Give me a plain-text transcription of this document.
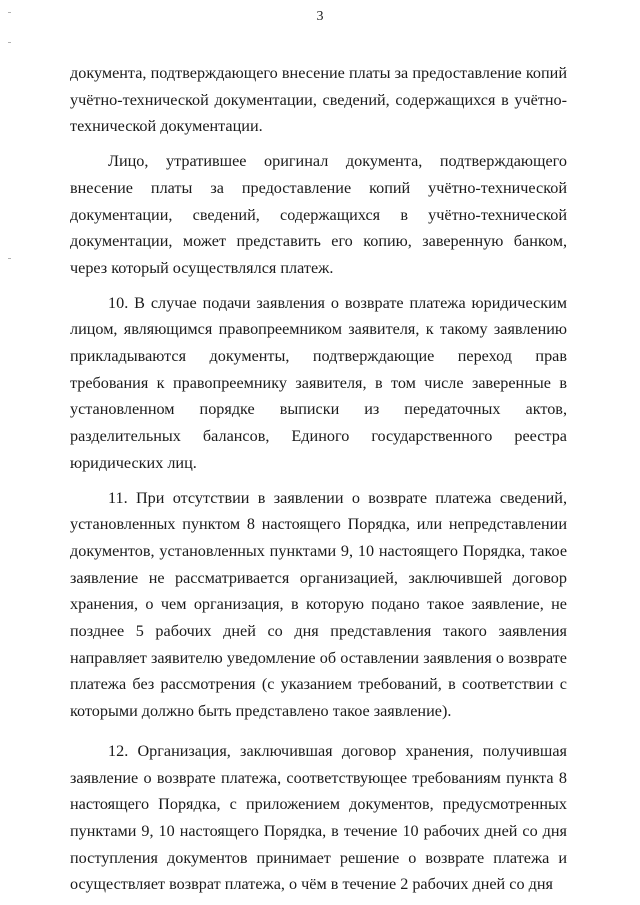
3

документа, подтверждающего внесение платы за предоставление копий учётно-технической документации, сведений, содержащихся в учётно-технической документации.

Лицо, утратившее оригинал документа, подтверждающего внесение платы за предоставление копий учётно-технической документации, сведений, содержащихся в учётно-технической документации, может представить его копию, заверенную банком, через который осуществлялся платеж.

10. В случае подачи заявления о возврате платежа юридическим лицом, являющимся правопреемником заявителя, к такому заявлению прикладываются документы, подтверждающие переход прав требования к правопреемнику заявителя, в том числе заверенные в установленном порядке выписки из передаточных актов, разделительных балансов, Единого государственного реестра юридических лиц.

11. При отсутствии в заявлении о возврате платежа сведений, установленных пунктом 8 настоящего Порядка, или непредставлении документов, установленных пунктами 9, 10 настоящего Порядка, такое заявление не рассматривается организацией, заключившей договор хранения, о чем организация, в которую подано такое заявление, не позднее 5 рабочих дней со дня представления такого заявления направляет заявителю уведомление об оставлении заявления о возврате платежа без рассмотрения (с указанием требований, в соответствии с которыми должно быть представлено такое заявление).

12. Организация, заключившая договор хранения, получившая заявление о возврате платежа, соответствующее требованиям пункта 8 настоящего Порядка, с приложением документов, предусмотренных пунктами 9, 10 настоящего Порядка, в течение 10 рабочих дней со дня поступления документов принимает решение о возврате платежа и осуществляет возврат платежа, о чём в течение 2 рабочих дней со дня
